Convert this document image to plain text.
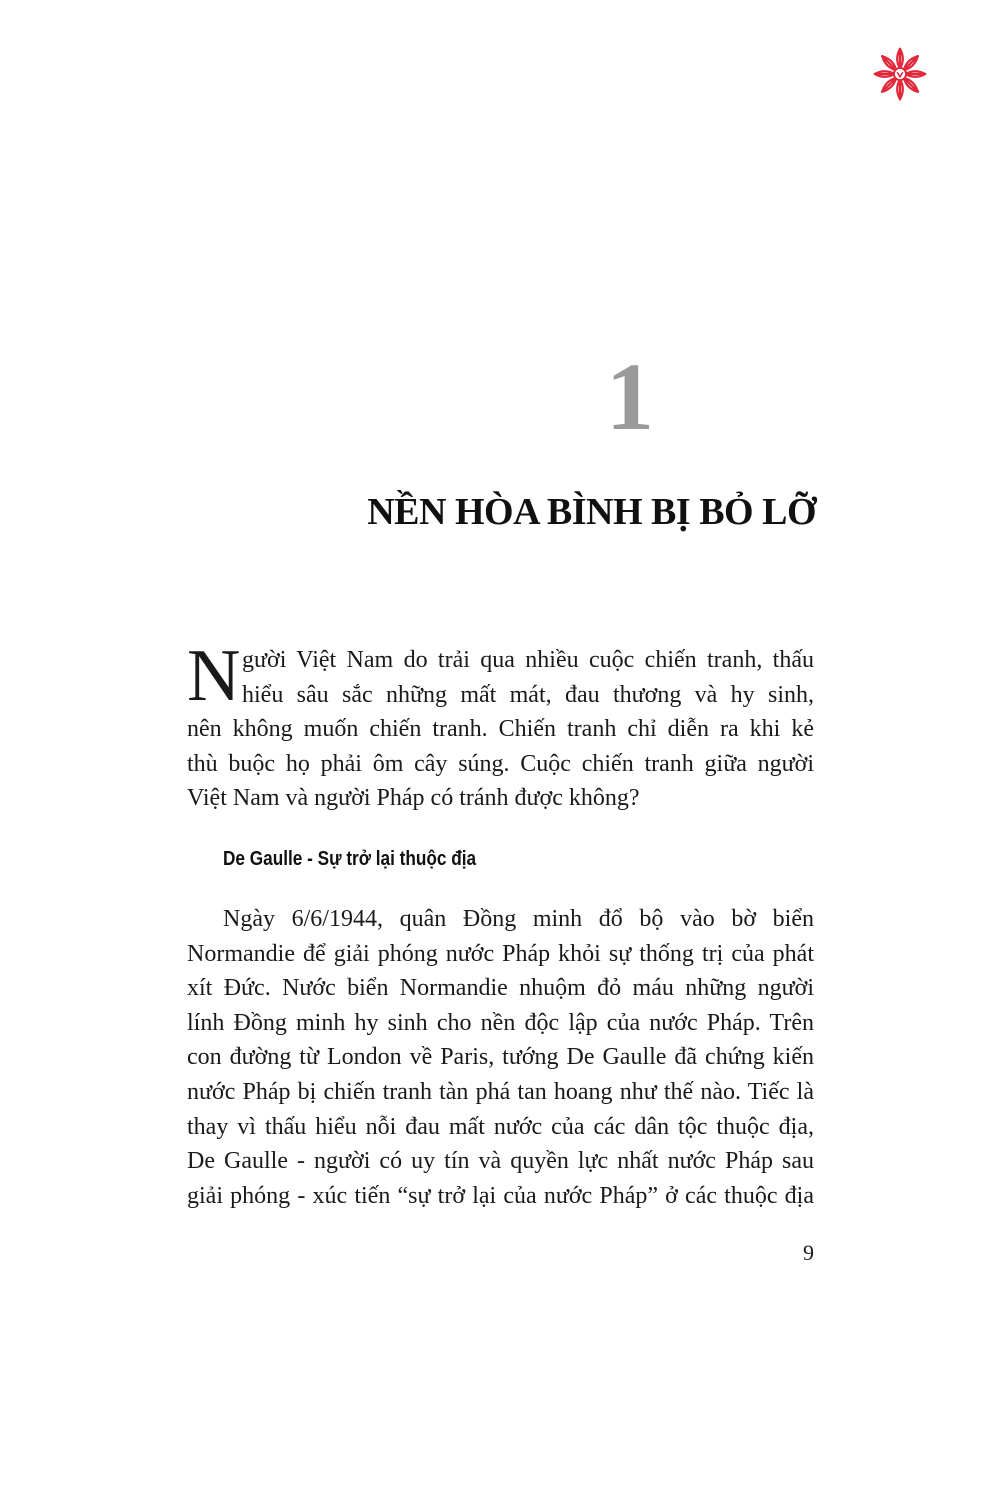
1
NỀN HÒA BÌNH BỊ BỎ LỠ
N gười Việt Nam do trải qua nhiều cuộc chiến tranh, thấu
hiểu sâu sắc những mất mát, đau thương và hy sinh,
nên không muốn chiến tranh. Chiến tranh chỉ diễn ra khi kẻ
thù buộc họ phải ôm cây súng. Cuộc chiến tranh giữa người
Việt Nam và người Pháp có tránh được không?
De Gaulle - Sự trở lại thuộc địa
Ngày 6/6/1944, quân Đồng minh đổ bộ vào bờ biển
Normandie để giải phóng nước Pháp khỏi sự thống trị của phát
xít Đức. Nước biển Normandie nhuộm đỏ máu những người
lính Đồng minh hy sinh cho nền độc lập của nước Pháp. Trên
con đường từ London về Paris, tướng De Gaulle đã chứng kiến
nước Pháp bị chiến tranh tàn phá tan hoang như thế nào. Tiếc là
thay vì thấu hiểu nỗi đau mất nước của các dân tộc thuộc địa,
De Gaulle - người có uy tín và quyền lực nhất nước Pháp sau
giải phóng - xúc tiến “sự trở lại của nước Pháp” ở các thuộc địa
9
